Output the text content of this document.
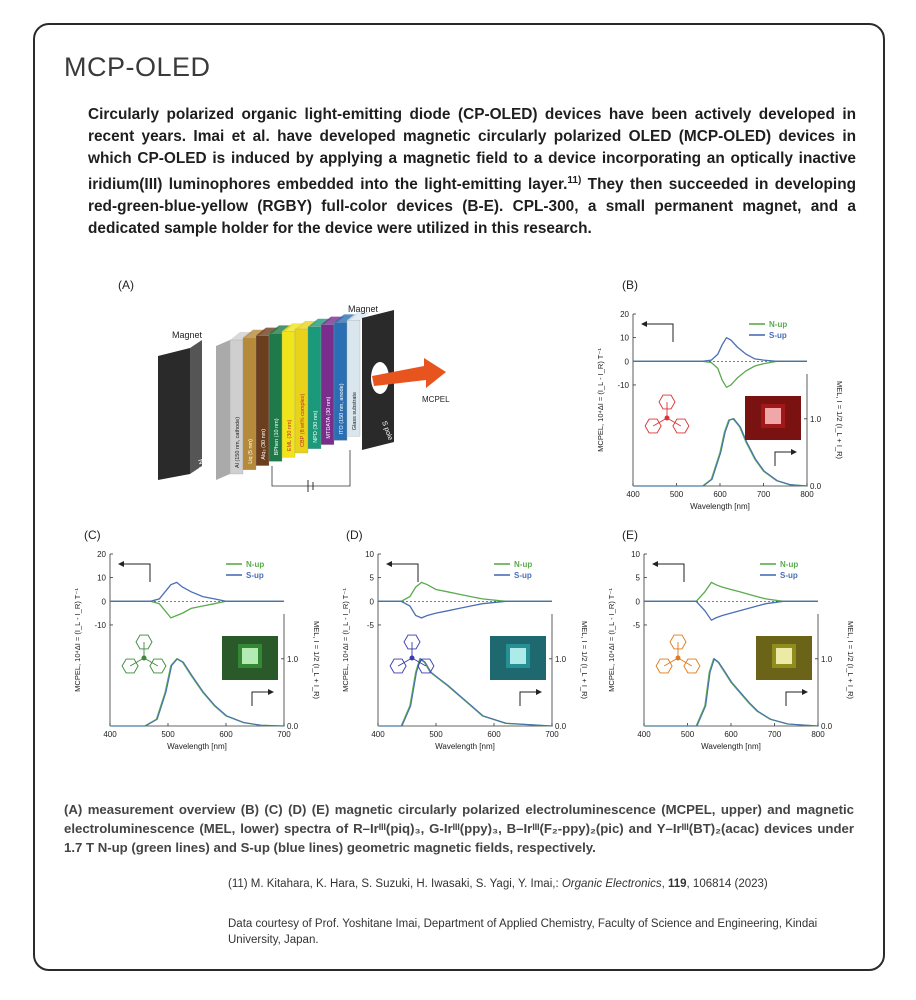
MCP-OLED
Circularly polarized organic light-emitting diode (CP-OLED) devices have been actively developed in recent years. Imai et al. have developed magnetic circularly polarized OLED (MCP-OLED) devices in which CP-OLED is induced by applying a magnetic field to a device incorporating an optically inactive iridium(III) luminophores embedded into the light-emitting layer.$^{11)}$ They then succeeded in developing red-green-blue-yellow (RGBY) full-color devices (B-E). CPL-300, a small permanent magnet, and a dedicated sample holder for the device were utilized in this research.
(A)
Magnet
N pole
Al (150 nm, cathode) Liq (5 nm) Alq₃ (30 nm) BPhen (10 nm) EML (30 nm) CBP (8 wt% complex) NPD (30 nm) MTDATA (30 nm) ITO (150 nm, anode) Glass substrate
Magnet
S pole
MCPEL
(B)
20
10
0
-10
0.0
1.0
400	500	600	700	800
Wavelength [nm]
MCPEL, 10⁴ΔI = (I_L - I_R) T⁻¹	MEL, I = 1/2 (I_L + I_R)
N-up
S-up
(C)
20
10
0
-10
0.0
1.0
400	500	600	700
Wavelength [nm]
MCPEL, 10⁴ΔI = (I_L - I_R) T⁻¹	MEL, I = 1/2 (I_L + I_R)
N-up
S-up
(D)
10
5
0
-5
0.0
1.0
400	500	600	700
Wavelength [nm]
MCPEL, 10⁴ΔI = (I_L - I_R) T⁻¹	MEL, I = 1/2 (I_L + I_R)
N-up
S-up
(E)
10
5
0
-5
0.0
1.0
400	500	600	700	800
Wavelength [nm]
MCPEL, 10⁴ΔI = (I_L - I_R) T⁻¹	MEL, I = 1/2 (I_L + I_R)
N-up
S-up
(A) measurement overview (B) (C) (D) (E) magnetic circularly polarized electroluminescence (MCPEL, upper) and magnetic electroluminescence (MEL, lower) spectra of R–Irᴵᴵᴵ(piq)₃, G-Irᴵᴵᴵ(ppy)₃, B–Irᴵᴵᴵ(F₂-ppy)₂(pic) and Y–Irᴵᴵᴵ(BT)₂(acac) devices under 1.7 T N-up (green lines) and S-up (blue lines) geometric magnetic fields, respectively.
(11) M. Kitahara, K. Hara, S. Suzuki, H. Iwasaki, S. Yagi, Y. Imai,: Organic Electronics, 119, 106814 (2023)
Data courtesy of Prof. Yoshitane Imai, Department of Applied Chemistry, Faculty of Science and Engineering, Kindai University, Japan.
